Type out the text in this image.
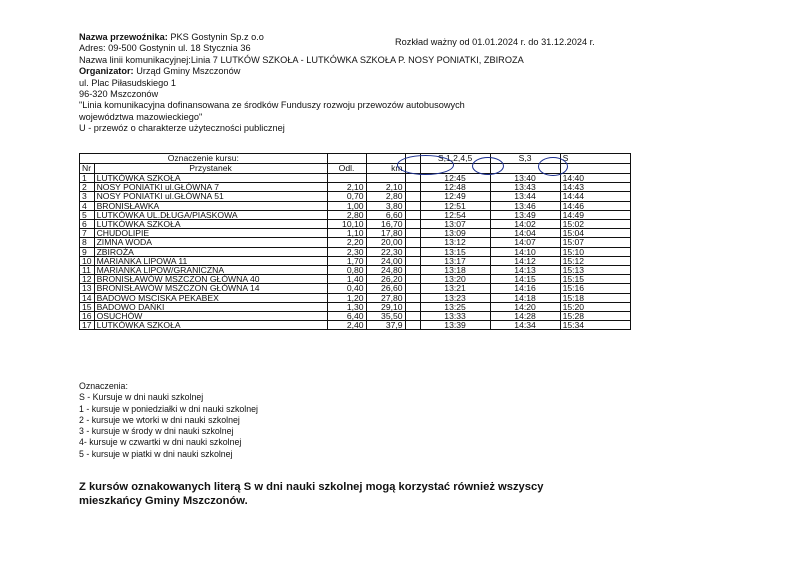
Nazwa przewoźnika: PKS Gostynin Sp.z o.o
Adres: 09-500 Gostynin ul. 18 Stycznia 36
Nazwa linii komunikacyjnej:Linia 7 LUTKÓW SZKOŁA - LUTKÓWKA SZKOŁA P. NOSY PONIATKI, ZBIROZA
Organizator: Urząd Gminy Mszczonów
ul. Plac Piłasudskiego 1
96-320 Mszczonów
"Linia komunikacyjna dofinansowana ze środków Funduszy rozwoju przewozów autobusowych
województwa mazowieckiego"
U - przewóz o charakterze użyteczności publicznej
Rozkład ważny od 01.01.2024 r. do 31.12.2024 r.
Oznaczenie kursu:					S,1,2,4,5	S,3	S
Nr	Przystanek	Odl.	km				
1	LUTKÓWKA SZKOŁA				12:45	13:40	14:40
2	NOSY PONIATKI ul.GŁÓWNA 7	2,10	2,10		12:48	13:43	14:43
3	NOSY PONIATKI ul.GŁÓWNA 51	0,70	2,80		12:49	13:44	14:44
4	BRONISŁAWKA	1,00	3,80		12:51	13:46	14:46
5	LUTKÓWKA UL.DŁUGA/PIASKOWA	2,80	6,60		12:54	13:49	14:49
6	LUTKÓWKA SZKOŁA	10,10	16,70		13:07	14:02	15:02
7	CHUDOLIPIE	1,10	17,80		13:09	14:04	15:04
8	ZIMNA WODA	2,20	20,00		13:12	14:07	15:07
9	ZBIROŻA	2,30	22,30		13:15	14:10	15:10
10	MARIANKA LIPOWA 11	1,70	24,00		13:17	14:12	15:12
11	MARIANKA LIPOW/GRANICZNA	0,80	24,80		13:18	14:13	15:13
12	BRONISŁAWÓW MSZCZON GŁÓWNA 40	1,40	26,20		13:20	14:15	15:15
13	BRONISŁAWÓW MSZCZON GŁÓWNA 14	0,40	26,60		13:21	14:16	15:16
14	BADOWO MSCISKA PEKABEX	1,20	27,80		13:23	14:18	15:18
15	BADOWO DAŃKI	1,30	29,10		13:25	14:20	15:20
16	OSUCHÓW	6,40	35,50		13:33	14:28	15:28
17	LUTKÓWKA SZKOŁA	2,40	37,9		13:39	14:34	15:34
Oznaczenia:
S - Kursuje w dni nauki szkolnej
1 - kursuje w poniedziałki w dni nauki szkolnej
2 - kursuje we wtorki w dni nauki szkolnej
3 - kursuje w środy w dni nauki szkolnej
4- kursuje w czwartki w dni nauki szkolnej
5 - kursuje w piatki w dni nauki szkolnej
Z kursów oznakowanych literą S w dni nauki szkolnej mogą korzystać również wszyscy
mieszkańcy Gminy Mszczonów.
